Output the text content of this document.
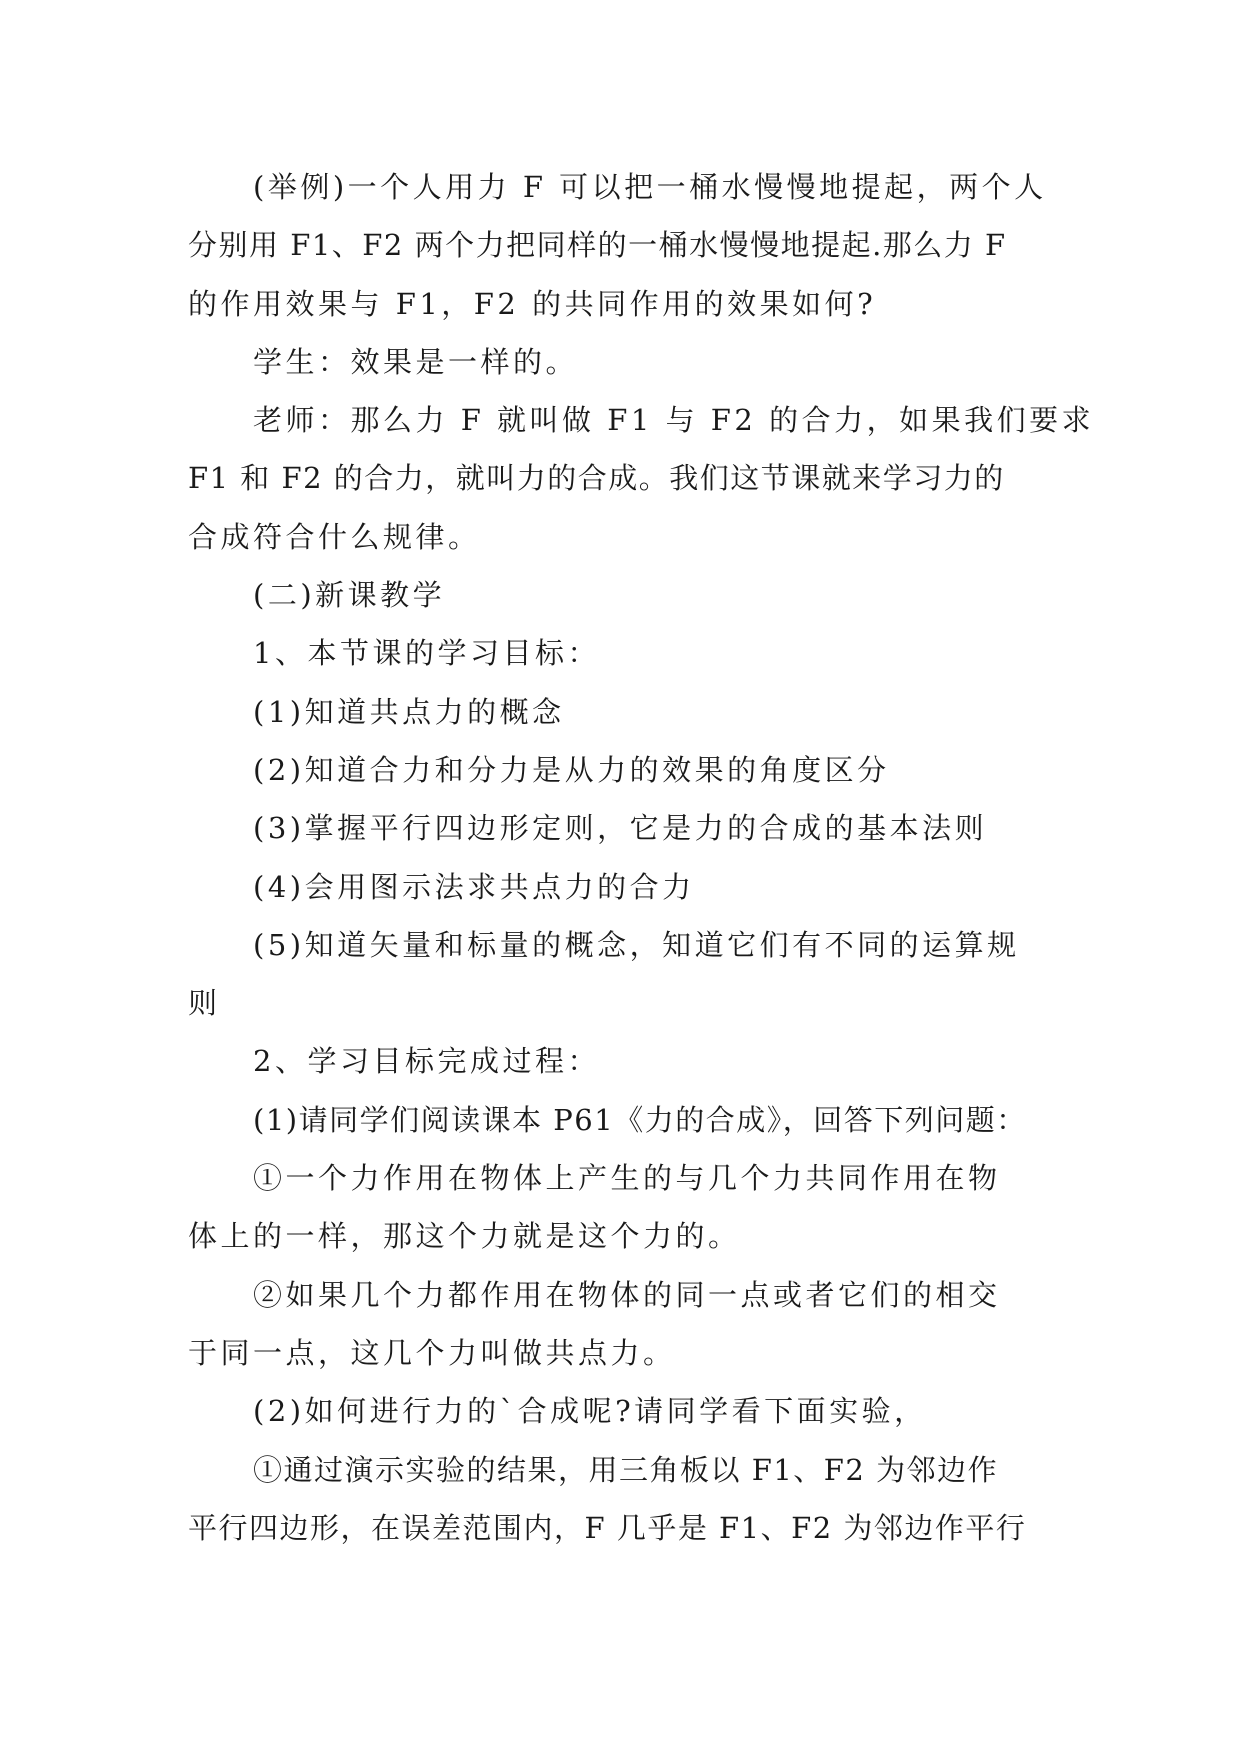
(举例)一个人用力 F 可以把一桶水慢慢地提起，两个人
分别用 F1、F2 两个力把同样的一桶水慢慢地提起.那么力 F
的作用效果与 F1，F2 的共同作用的效果如何?
学生：效果是一样的。
老师：那么力 F 就叫做 F1 与 F2 的合力，如果我们要求
F1 和 F2 的合力，就叫力的合成。我们这节课就来学习力的
合成符合什么规律。
(二)新课教学
1、本节课的学习目标：
(1)知道共点力的概念
(2)知道合力和分力是从力的效果的角度区分
(3)掌握平行四边形定则，它是力的合成的基本法则
(4)会用图示法求共点力的合力
(5)知道矢量和标量的概念，知道它们有不同的运算规
则
2、学习目标完成过程：
(1)请同学们阅读课本 P61《力的合成》，回答下列问题：
①一个力作用在物体上产生的与几个力共同作用在物
体上的一样，那这个力就是这个力的。
②如果几个力都作用在物体的同一点或者它们的相交
于同一点，这几个力叫做共点力。
(2)如何进行力的`合成呢?请同学看下面实验，
①通过演示实验的结果，用三角板以 F1、F2 为邻边作
平行四边形，在误差范围内，F 几乎是 F1、F2 为邻边作平行
